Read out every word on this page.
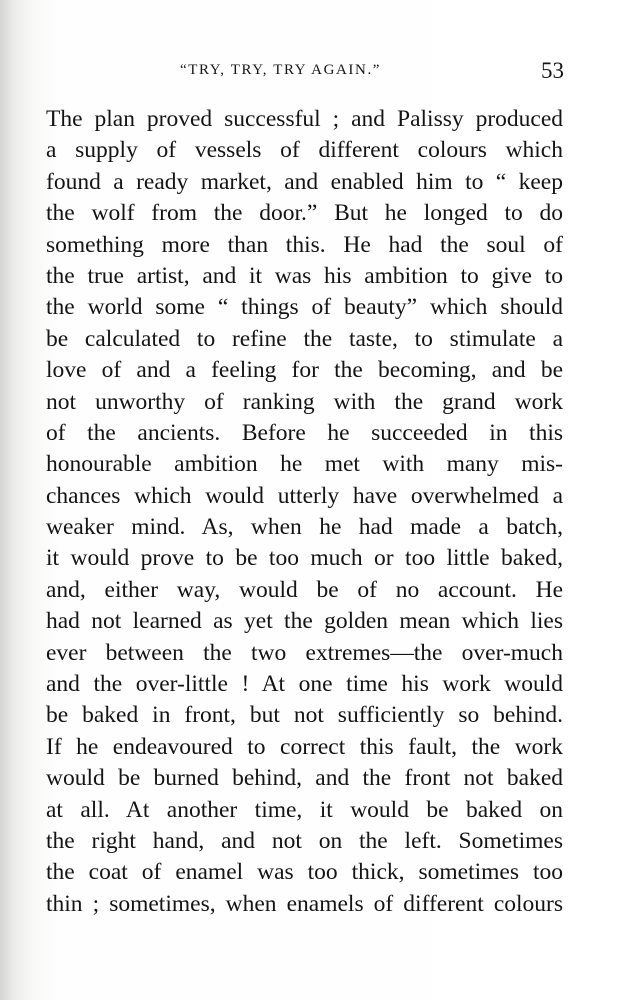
“TRY, TRY, TRY AGAIN.”	53
The plan proved successful ; and Palissy produced
a supply of vessels of different colours which
found a ready market, and enabled him to “ keep
the wolf from the door.” But he longed to do
something more than this. He had the soul of
the true artist, and it was his ambition to give to
the world some “ things of beauty” which should
be calculated to refine the taste, to stimulate a
love of and a feeling for the becoming, and be
not unworthy of ranking with the grand work
of the ancients. Before he succeeded in this
honourable ambition he met with many mis-
chances which would utterly have overwhelmed a
weaker mind. As, when he had made a batch,
it would prove to be too much or too little baked,
and, either way, would be of no account. He
had not learned as yet the golden mean which lies
ever between the two extremes—the over-much
and the over-little ! At one time his work would
be baked in front, but not sufficiently so behind.
If he endeavoured to correct this fault, the work
would be burned behind, and the front not baked
at all. At another time, it would be baked on
the right hand, and not on the left. Sometimes
the coat of enamel was too thick, sometimes too
thin ; sometimes, when enamels of different colours
